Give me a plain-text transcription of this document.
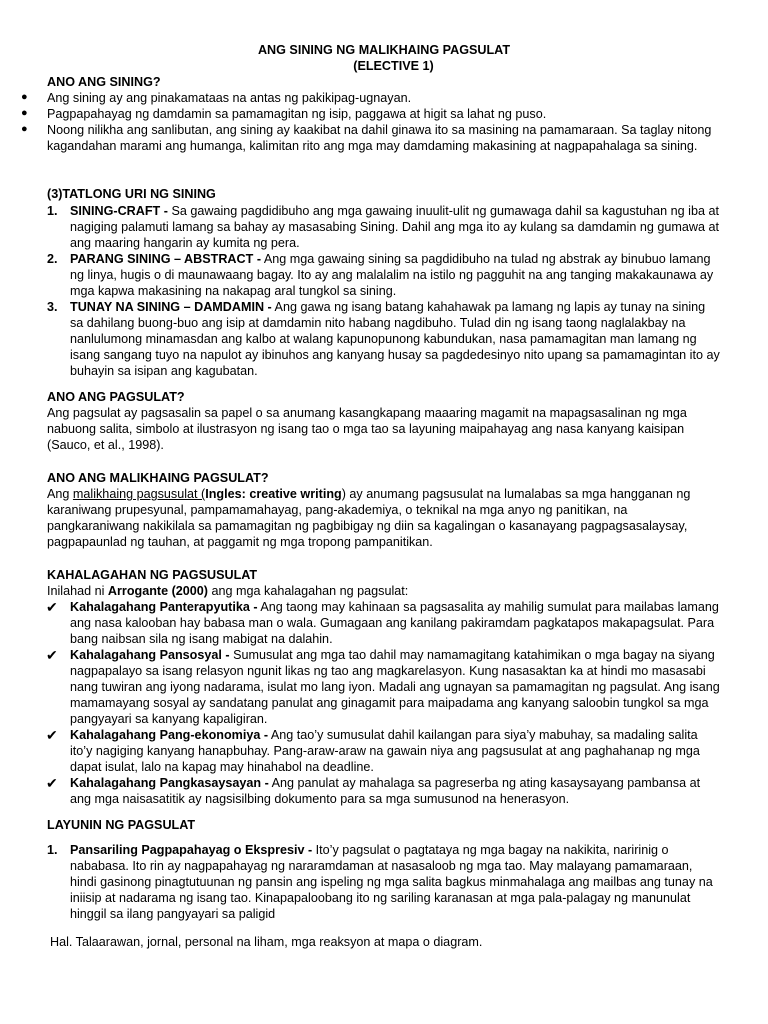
ANG SINING NG MALIKHAING PAGSULAT
(ELECTIVE 1)
ANO ANG SINING?
● Ang sining ay ang pinakamataas na antas ng pakikipag-ugnayan.
● Pagpapahayag ng damdamin sa pamamagitan ng isip, paggawa at higit sa lahat ng puso.
● Noong nilikha ang sanlibutan, ang sining ay kaakibat na dahil ginawa ito sa masining na pamamaraan. Sa taglay nitong kagandahan marami ang humanga, kalimitan rito ang mga may damdaming makasining at nagpapahalaga sa sining.
(3)TATLONG URI NG SINING
1. SINING-CRAFT - Sa gawaing pagdidibuho ang mga gawaing inuulit-ulit ng gumawaga dahil sa kagustuhan ng iba at nagiging palamuti lamang sa bahay ay masasabing Sining. Dahil ang mga ito ay kulang sa damdamin ng gumawa at ang maaring hangarin ay kumita ng pera.
2. PARANG SINING – ABSTRACT - Ang mga gawaing sining sa pagdidibuho na tulad ng abstrak ay binubuo lamang ng linya, hugis o di maunawaang bagay. Ito ay ang malalalim na istilo ng pagguhit na ang tanging makakaunawa ay mga kapwa makasining na nakapag aral tungkol sa sining.
3. TUNAY NA SINING – DAMDAMIN - Ang gawa ng isang batang kahahawak pa lamang ng lapis ay tunay na sining sa dahilang buong-buo ang isip at damdamin nito habang nagdibuho. Tulad din ng isang taong naglalakbay na nanlulumong minamasdan ang kalbo at walang kapunopunong kabundukan, nasa pamamagitan man lamang ng isang sangang tuyo na napulot ay ibinuhos ang kanyang husay sa pagdedesinyo nito upang sa pamamagintan ito ay buhayin sa isipan ang kagubatan.
ANO ANG PAGSULAT?
Ang pagsulat ay pagsasalin sa papel o sa anumang kasangkapang maaaring magamit na mapagsasalinan ng mga nabuong salita, simbolo at ilustrasyon ng isang tao o mga tao sa layuning maipahayag ang nasa kanyang kaisipan (Sauco, et al., 1998).
ANO ANG MALIKHAING PAGSULAT?
Ang malikhaing pagsusulat (Ingles: creative writing) ay anumang pagsusulat na lumalabas sa mga hangganan ng karaniwang prupesyunal, pampamamahayag, pang-akademiya, o teknikal na mga anyo ng panitikan, na pangkaraniwang nakikilala sa pamamagitan ng pagbibigay ng diin sa kagalingan o kasanayang pagpagsasalaysay, pagpapaunlad ng tauhan, at paggamit ng mga tropong pampanitikan.
KAHALAGAHAN NG PAGSUSULAT
Inilahad ni Arrogante (2000) ang mga kahalagahan ng pagsulat:
✔ Kahalagahang Panterapyutika - Ang taong may kahinaan sa pagsasalita ay mahilig sumulat para mailabas lamang ang nasa kalooban hay babasa man o wala. Gumagaan ang kanilang pakiramdam pagkatapos makapagsulat. Para bang naibsan sila ng isang mabigat na dalahin.
✔ Kahalagahang Pansosyal - Sumusulat ang mga tao dahil may namamagitang katahimikan o mga bagay na siyang nagpapalayo sa isang relasyon ngunit likas ng tao ang magkarelasyon. Kung nasasaktan ka at hindi mo masasabi nang tuwiran ang iyong nadarama, isulat mo lang iyon. Madali ang ugnayan sa pamamagitan ng pagsulat. Ang isang mamamayang sosyal ay sandatang panulat ang ginagamit para maipadama ang kanyang saloobin tungkol sa mga pangyayari sa kanyang kapaligiran.
✔ Kahalagahang Pang-ekonomiya - Ang tao’y sumusulat dahil kailangan para siya’y mabuhay, sa madaling salita ito’y nagiging kanyang hanapbuhay. Pang-araw-araw na gawain niya ang pagsusulat at ang paghahanap ng mga dapat isulat, lalo na kapag may hinahabol na deadline.
✔ Kahalagahang Pangkasaysayan - Ang panulat ay mahalaga sa pagreserba ng ating kasaysayang pambansa at ang mga naisasatitik ay nagsisilbing dokumento para sa mga sumusunod na henerasyon.
LAYUNIN NG PAGSULAT
1. Pansariling Pagpapahayag o Ekspresiv - Ito’y pagsulat o pagtataya ng mga bagay na nakikita, naririnig o nababasa. Ito rin ay nagpapahayag ng nararamdaman at nasasaloob ng mga tao. May malayang pamamaraan, hindi gasinong pinagtutuunan ng pansin ang ispeling ng mga salita bagkus minmahalaga ang mailbas ang tunay na iniisip at nadarama ng isang tao. Kinapapaloobang ito ng sariling karanasan at mga pala-palagay ng manunulat hinggil sa ilang pangyayari sa paligid
Hal. Talaarawan, jornal, personal na liham, mga reaksyon at mapa o diagram.
